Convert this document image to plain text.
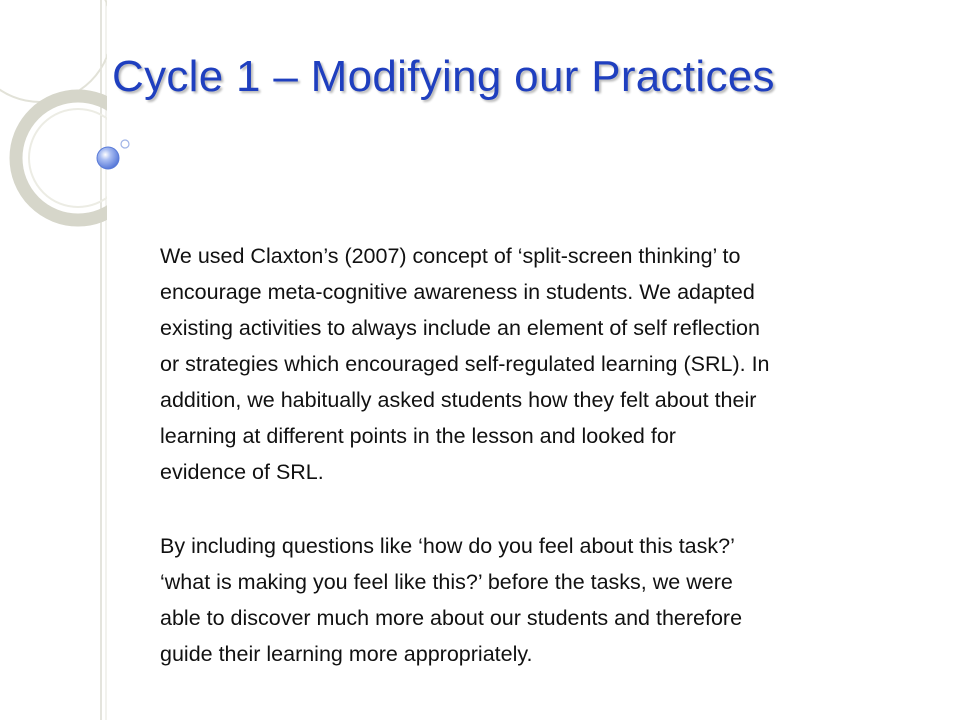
Cycle 1 – Modifying our Practices

We used Claxton’s (2007) concept of ‘split-screen thinking’ to
encourage meta-cognitive awareness in students. We adapted
existing activities to always include an element of self reflection
or strategies which encouraged self-regulated learning (SRL). In
addition, we habitually asked students how they felt about their
learning at different points in the lesson and looked for
evidence of SRL.

By including questions like ‘how do you feel about this task?’
‘what is making you feel like this?’ before the tasks, we were
able to discover much more about our students and therefore
guide their learning more appropriately.
